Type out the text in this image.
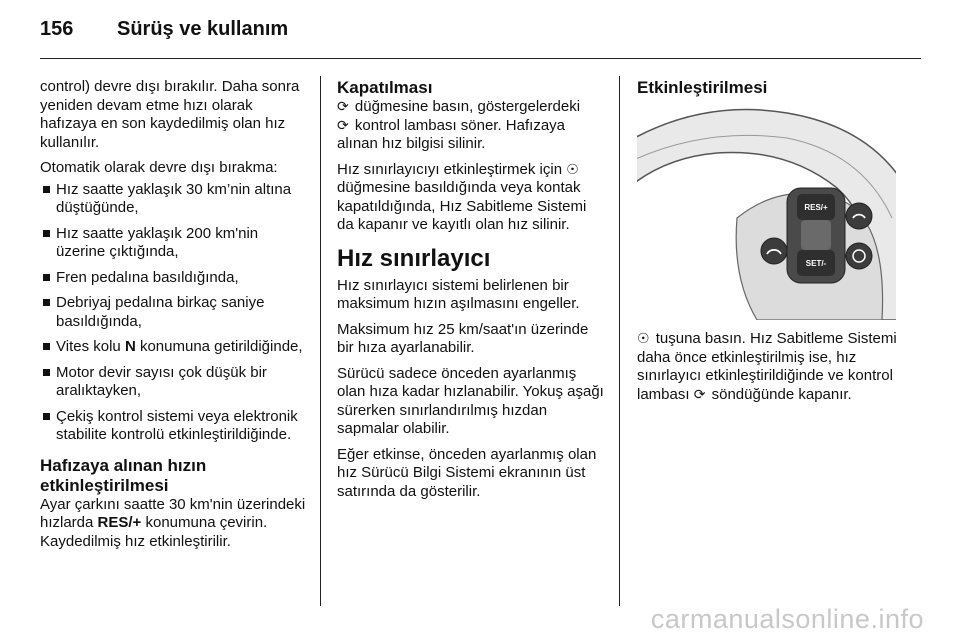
156 Sürüş ve kullanım

control) devre dışı bırakılır. Daha sonra yeniden devam etme hızı olarak hafızaya en son kaydedilmiş olan hız kullanılır.

Otomatik olarak devre dışı bırakma:

Hız saatte yaklaşık 30 km’nin altına düştüğünde,
Hız saatte yaklaşık 200 km'nin üzerine çıktığında,
Fren pedalına basıldığında,
Debriyaj pedalına birkaç saniye basıldığında,
Vites kolu N konumuna getirildiğinde,
Motor devir sayısı çok düşük bir aralıktayken,
Çekiş kontrol sistemi veya elektronik stabilite kontrolü etkinleştirildiğinde.
Hafızaya alınan hızın etkinleştirilmesi

Ayar çarkını saatte 30 km'nin üzerindeki hızlarda RES/+ konumuna çevirin. Kaydedilmiş hız etkinleştirilir.

Kapatılması

⟳ düğmesine basın, göstergelerdeki
⟳ kontrol lambası söner. Hafızaya alınan hız bilgisi silinir.

Hız sınırlayıcıyı etkinleştirmek için ☉ düğmesine basıldığında veya kontak kapatıldığında, Hız Sabitleme Sistemi da kapanır ve kayıtlı olan hız silinir.

Hız sınırlayıcı

Hız sınırlayıcı sistemi belirlenen bir maksimum hızın aşılmasını engeller.

Maksimum hız 25 km/saat'ın üzerinde bir hıza ayarlanabilir.

Sürücü sadece önceden ayarlanmış olan hıza kadar hızlanabilir. Yokuş aşağı sürerken sınırlandırılmış hızdan sapmalar olabilir.

Eğer etkinse, önceden ayarlanmış olan hız Sürücü Bilgi Sistemi ekranının üst satırında da gösterilir.

Etkinleştirilmesi
RES/+
SET/-

☉ tuşuna basın. Hız Sabitleme Sistemi daha önce etkinleştirilmiş ise, hız sınırlayıcı etkinleştirildiğinde ve kontrol lambası ⟳ söndüğünde kapanır.

carmanualsonline.info
